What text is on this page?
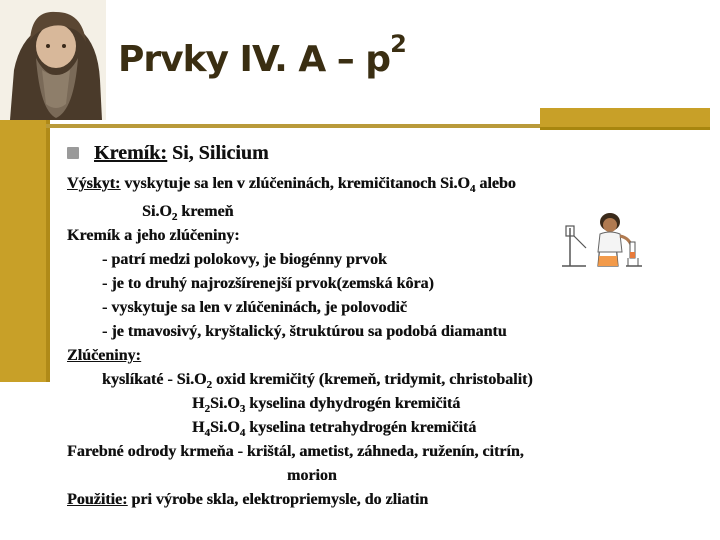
Prvky IV. A – $p^2$
Kremík: Si, Silicium
Výskyt: vyskytuje sa len v zlúčeninách, kremičitanoch $Si.O_4$ alebo
$Si.O_2$ kremeň
Kremík a jeho zlúčeniny:
- patrí medzi polokovy, je biogénny prvok
- je to druhý najrozšírenejší prvok(zemská kôra)
- vyskytuje sa len v zlúčeninách, je polovodič
- je tmavosivý, kryštalický, štruktúrou sa podobá diamantu
Zlúčeniny:
kyslíkaté - $Si.O_2$ oxid kremičitý (kremeň, tridymit, christobalit)
$H_2Si.O_3$ kyselina dyhydrogén kremičitá
$H_4Si.O_4$ kyselina tetrahydrogén kremičitá
Farebné odrody krmeňa - krištál, ametist, záhneda, ruženín, citrín,
morion
Použitie: pri výrobe skla, elektropriemysle, do zliatin
